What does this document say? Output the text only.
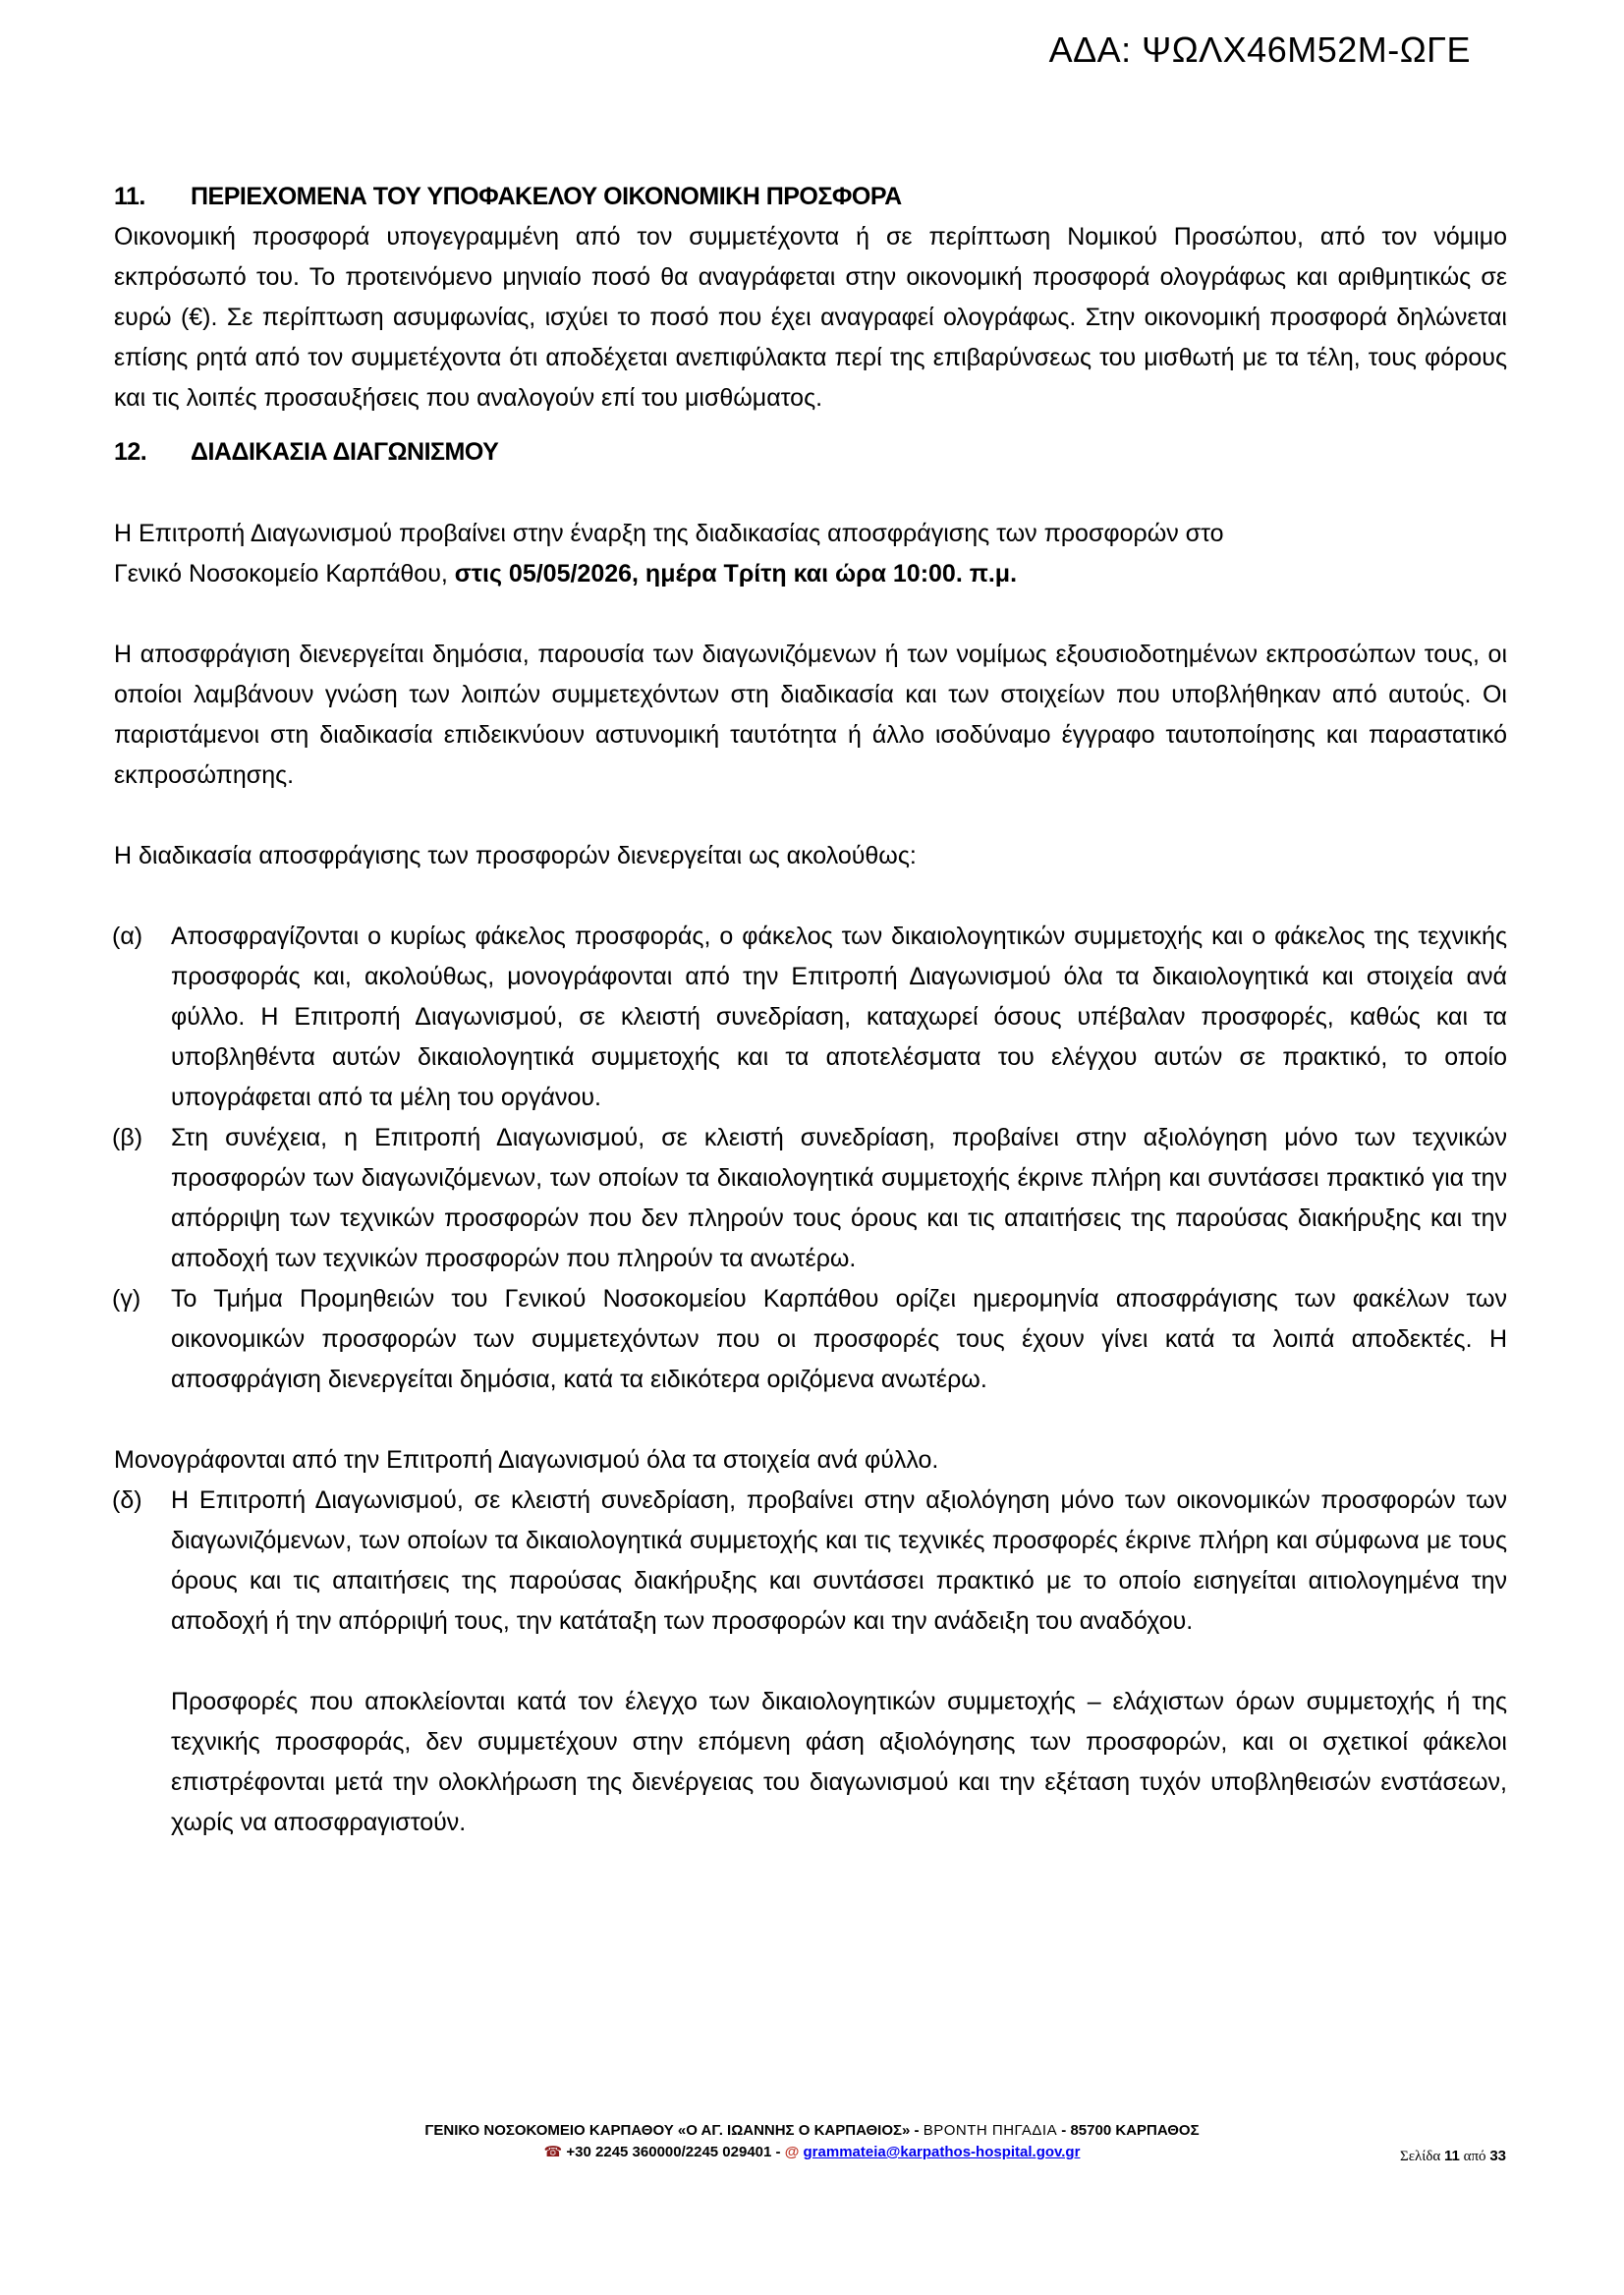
ΑΔΑ: ΨΩΛΧ46Μ52Μ-ΩΓΕ
11.	ΠΕΡΙΕΧΟΜΕΝΑ ΤΟΥ ΥΠΟΦΑΚΕΛΟΥ ΟΙΚΟΝΟΜΙΚΗ ΠΡΟΣΦΟΡΑ

Οικονομική προσφορά υπογεγραμμένη από τον συμμετέχοντα ή σε περίπτωση Νομικού Προσώπου, από τον νόμιμο εκπρόσωπό του. Το προτεινόμενο μηνιαίο ποσό θα αναγράφεται στην οικονομική προσφορά ολογράφως και αριθμητικώς σε ευρώ (€). Σε περίπτωση ασυμφωνίας, ισχύει το ποσό που έχει αναγραφεί ολογράφως. Στην οικονομική προσφορά δηλώνεται επίσης ρητά από τον συμμετέχοντα ότι αποδέχεται ανεπιφύλακτα περί της επιβαρύνσεως του μισθωτή με τα τέλη, τους φόρους και τις λοιπές προσαυξήσεις που αναλογούν επί του μισθώματος.

12.	ΔΙΑΔΙΚΑΣΙΑ ΔΙΑΓΩΝΙΣΜΟΥ

Η Επιτροπή Διαγωνισμού προβαίνει στην έναρξη της διαδικασίας αποσφράγισης των προσφορών στο
Γενικό Νοσοκομείο Καρπάθου, στις 05/05/2026, ημέρα Τρίτη και ώρα 10:00. π.μ.

Η αποσφράγιση διενεργείται δημόσια, παρουσία των διαγωνιζόμενων ή των νομίμως εξουσιοδοτημένων εκπροσώπων τους, οι οποίοι λαμβάνουν γνώση των λοιπών συμμετεχόντων στη διαδικασία και των στοιχείων που υποβλήθηκαν από αυτούς. Οι παριστάμενοι στη διαδικασία επιδεικνύουν αστυνομική ταυτότητα ή άλλο ισοδύναμο έγγραφο ταυτοποίησης και παραστατικό εκπροσώπησης.

Η διαδικασία αποσφράγισης των προσφορών διενεργείται ως ακολούθως:

(α)	Αποσφραγίζονται ο κυρίως φάκελος προσφοράς, ο φάκελος των δικαιολογητικών συμμετοχής και ο φάκελος της τεχνικής προσφοράς και, ακολούθως, μονογράφονται από την Επιτροπή Διαγωνισμού όλα τα δικαιολογητικά και στοιχεία ανά φύλλο. Η Επιτροπή Διαγωνισμού, σε κλειστή συνεδρίαση, καταχωρεί όσους υπέβαλαν προσφορές, καθώς και τα υποβληθέντα αυτών δικαιολογητικά συμμετοχής και τα αποτελέσματα του ελέγχου αυτών σε πρακτικό, το οποίο υπογράφεται από τα μέλη του οργάνου.
(β)	Στη συνέχεια, η Επιτροπή Διαγωνισμού, σε κλειστή συνεδρίαση, προβαίνει στην αξιολόγηση μόνο των τεχνικών προσφορών των διαγωνιζόμενων, των οποίων τα δικαιολογητικά συμμετοχής έκρινε πλήρη και συντάσσει πρακτικό για την απόρριψη των τεχνικών προσφορών που δεν πληρούν τους όρους και τις απαιτήσεις της παρούσας διακήρυξης και την αποδοχή των τεχνικών προσφορών που πληρούν τα ανωτέρω.
(γ)	Το Τμήμα Προμηθειών του Γενικού Νοσοκομείου Καρπάθου ορίζει ημερομηνία αποσφράγισης των φακέλων των οικονομικών προσφορών των συμμετεχόντων που οι προσφορές τους έχουν γίνει κατά τα λοιπά αποδεκτές. Η αποσφράγιση διενεργείται δημόσια, κατά τα ειδικότερα οριζόμενα ανωτέρω.

Μονογράφονται από την Επιτροπή Διαγωνισμού όλα τα στοιχεία ανά φύλλο.

(δ)	Η Επιτροπή Διαγωνισμού, σε κλειστή συνεδρίαση, προβαίνει στην αξιολόγηση μόνο των οικονομικών προσφορών των διαγωνιζόμενων, των οποίων τα δικαιολογητικά συμμετοχής και τις τεχνικές προσφορές έκρινε πλήρη και σύμφωνα με τους όρους και τις απαιτήσεις της παρούσας διακήρυξης και συντάσσει πρακτικό με το οποίο εισηγείται αιτιολογημένα την αποδοχή ή την απόρριψή τους, την κατάταξη των προσφορών και την ανάδειξη του αναδόχου.

Προσφορές που αποκλείονται κατά τον έλεγχο των δικαιολογητικών συμμετοχής – ελάχιστων όρων συμμετοχής ή της τεχνικής προσφοράς, δεν συμμετέχουν στην επόμενη φάση αξιολόγησης των προσφορών, και οι σχετικοί φάκελοι επιστρέφονται μετά την ολοκλήρωση της διενέργειας του διαγωνισμού και την εξέταση τυχόν υποβληθεισών ενστάσεων, χωρίς να αποσφραγιστούν.

ΓΕΝΙΚΟ ΝΟΣΟΚΟΜΕΙΟ ΚΑΡΠΑΘΟΥ «Ο ΑΓ. ΙΩΑΝΝΗΣ Ο ΚΑΡΠΑΘΙΟΣ» - ΒΡΟΝΤΗ ΠΗΓΑΔΙΑ - 85700 ΚΑΡΠΑΘΟΣ
☎ +30 2245 360000/2245 029401 - @ grammateia@karpathos-hospital.gov.gr	Σελίδα 11 από 33
